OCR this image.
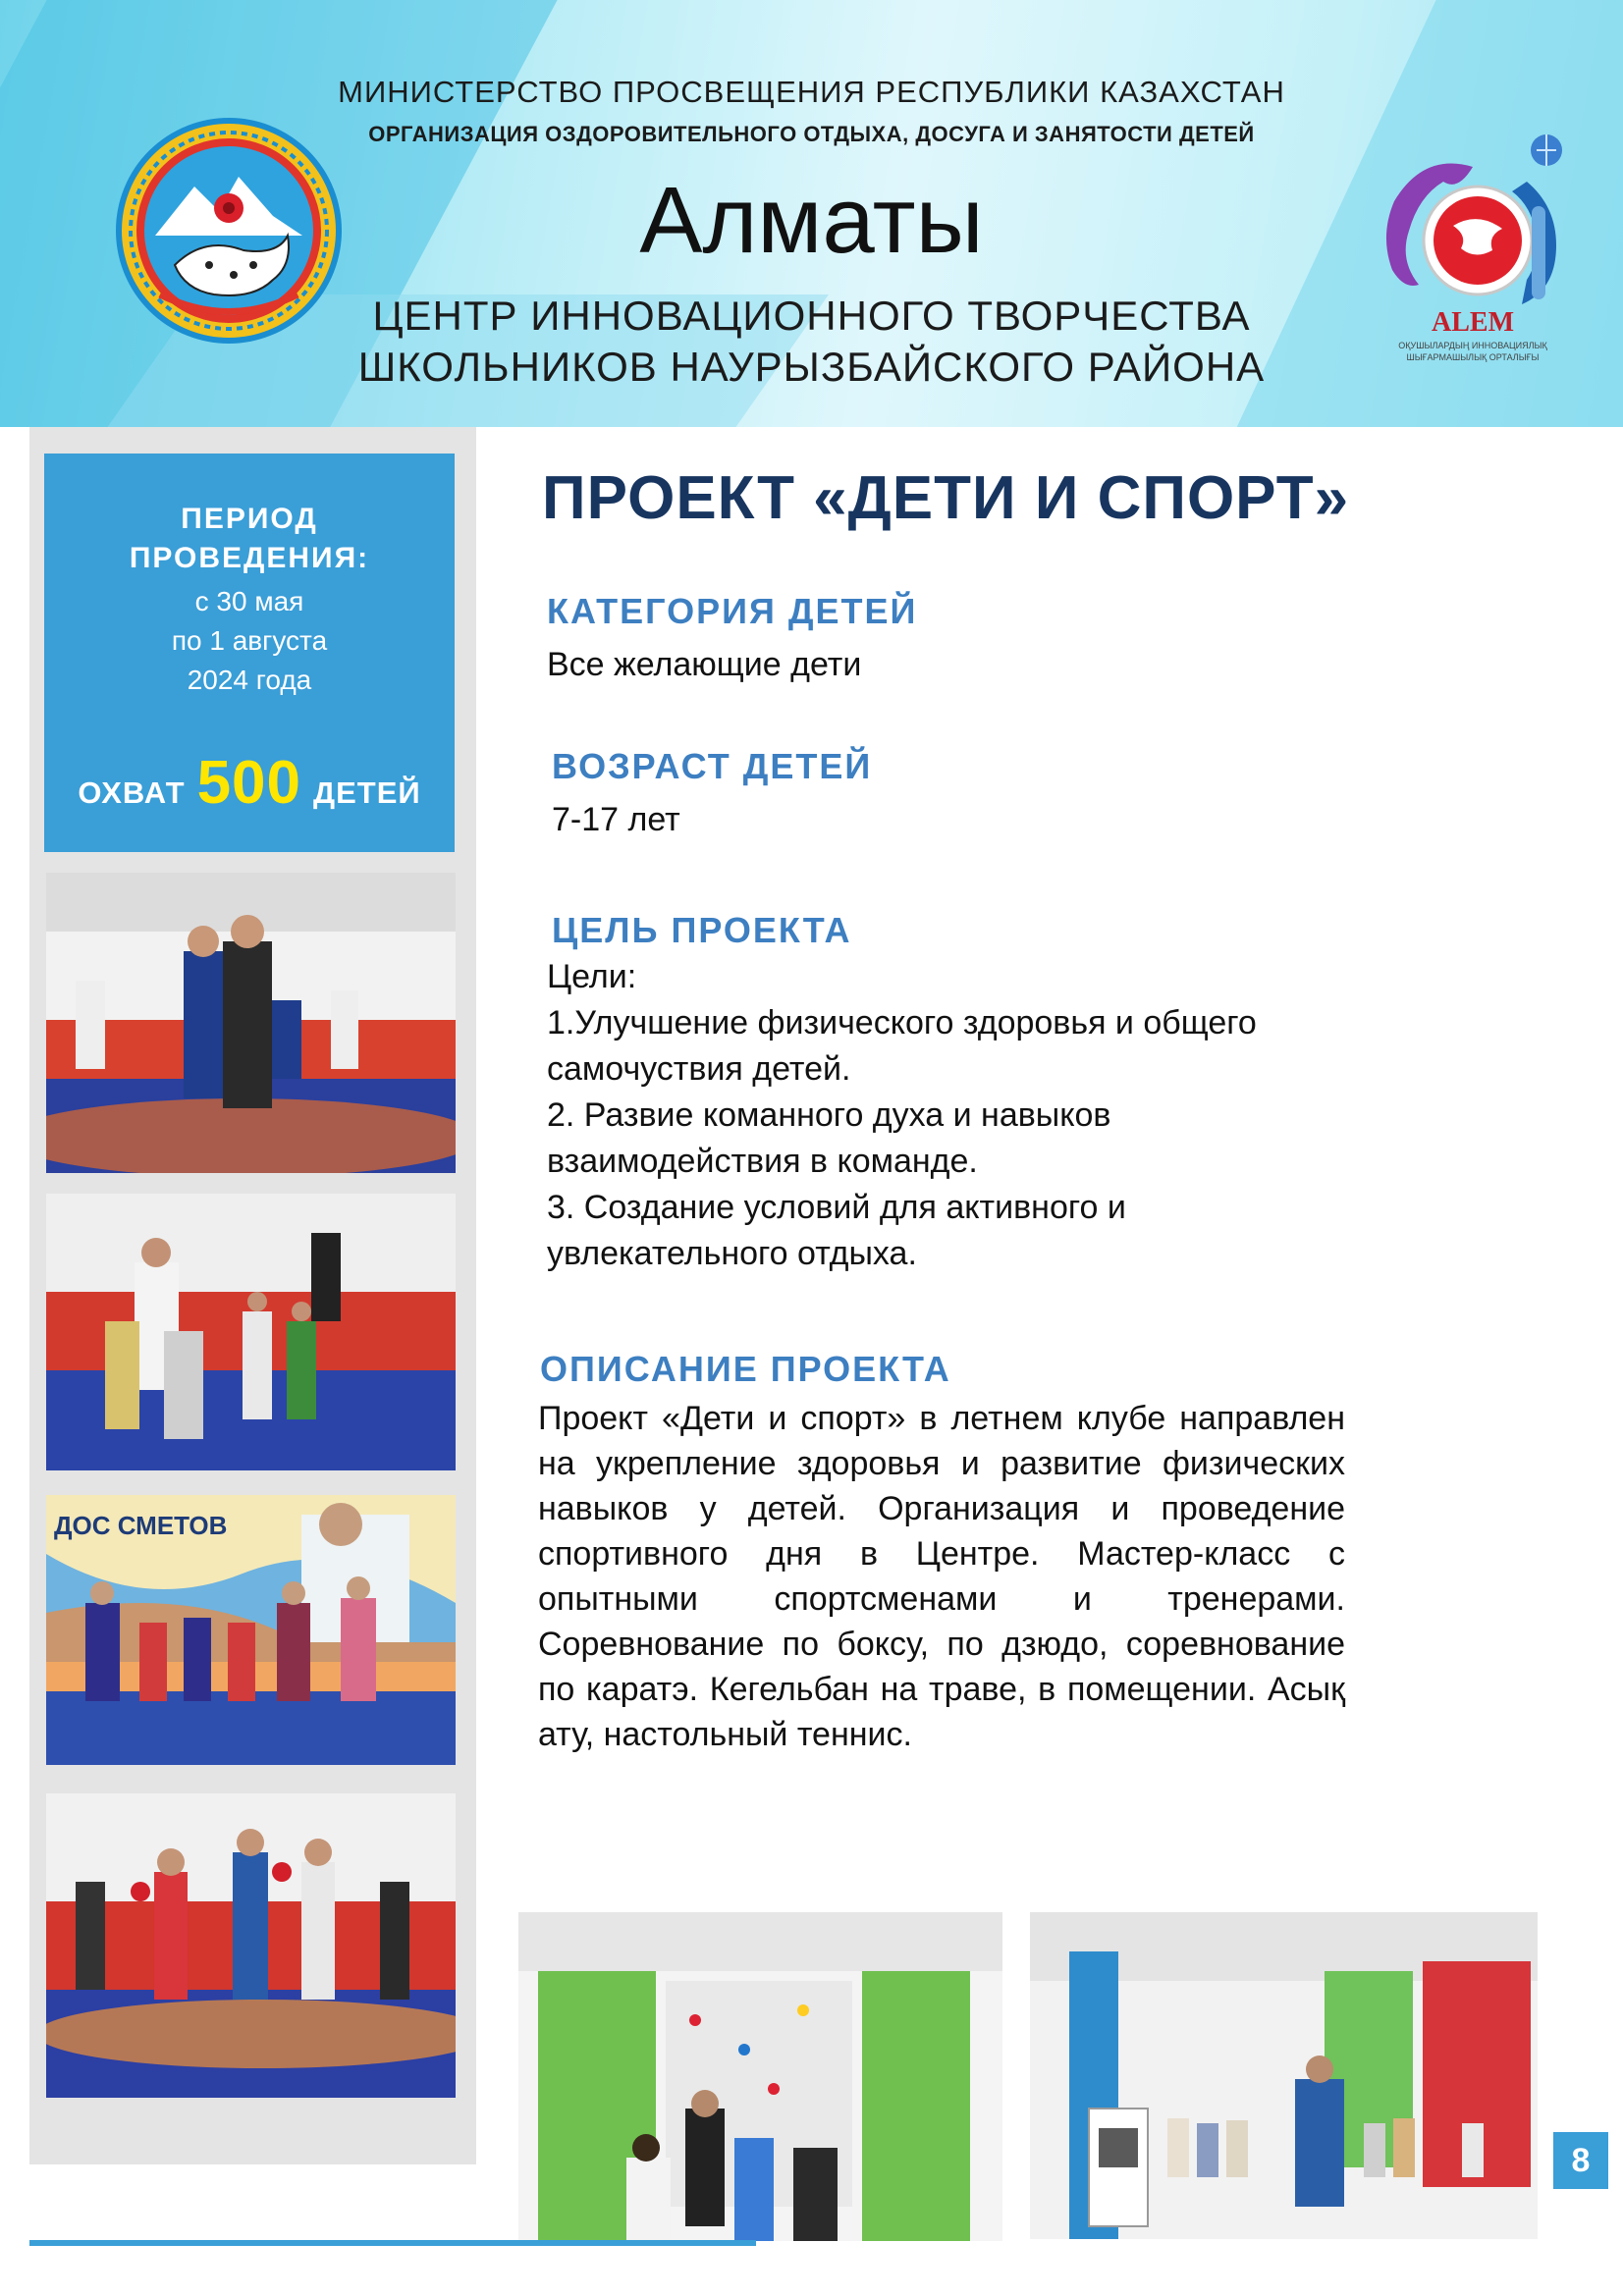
МИНИСТЕРСТВО ПРОСВЕЩЕНИЯ РЕСПУБЛИКИ КАЗАХСТАН
ОРГАНИЗАЦИЯ ОЗДОРОВИТЕЛЬНОГО ОТДЫХА, ДОСУГА И ЗАНЯТОСТИ ДЕТЕЙ
Алматы
ЦЕНТР ИННОВАЦИОННОГО ТВОРЧЕСТВА
ШКОЛЬНИКОВ НАУРЫЗБАЙСКОГО РАЙОНА
ALEM
ОҚУШЫЛАРДЫҢ ИННОВАЦИЯЛЫҚ
ШЫҒАРМАШЫЛЫҚ ОРТАЛЫҒЫ
ПЕРИОД
ПРОВЕДЕНИЯ:
с 30 мая
по 1 августа
2024 года
ОХВАТ 500 ДЕТЕЙ
ДОС СМЕТОВ
ПРОЕКТ «ДЕТИ И СПОРТ»
КАТЕГОРИЯ ДЕТЕЙ
Все желающие дети
ВОЗРАСТ ДЕТЕЙ
7-17 лет
ЦЕЛЬ ПРОЕКТА
Цели:
1.Улучшение физического здоровья и общего
самочуствия детей.
2. Развие команного духа и навыков
взаимодействия в команде.
3. Создание условий для активного и
увлекательного отдыха.
ОПИСАНИЕ ПРОЕКТА
Проект «Дети и спорт» в летнем клубе направлен на укрепление здоровья и развитие физических навыков у детей. Организация и проведение спортивного дня в Центре. Мастер-класс с опытными спортсменами и тренерами. Соревнование по боксу, по дзюдо, соревнование по каратэ. Кегельбан на траве, в помещении. Асық ату, настольный теннис.
8
